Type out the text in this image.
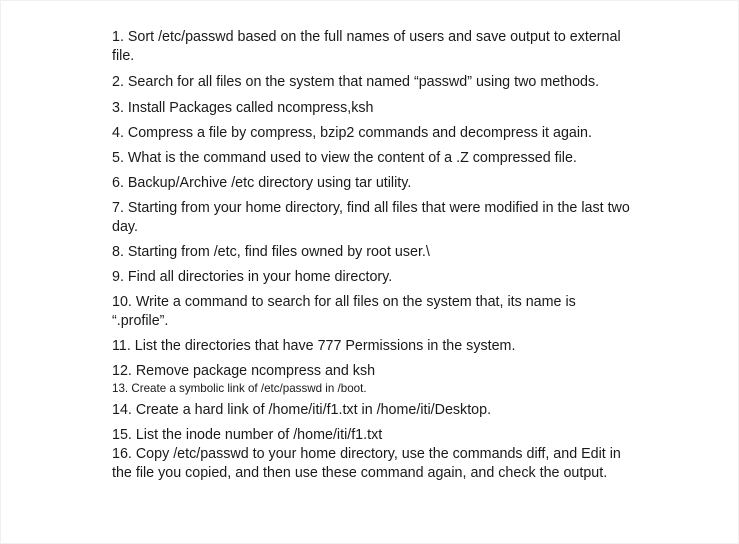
1. Sort /etc/passwd based on the full names of users and save output to external file.

2. Search for all files on the system that named “passwd” using two methods.

3. Install Packages called ncompress,ksh

4. Compress a file by compress, bzip2 commands and decompress it again.

5. What is the command used to view the content of a .Z compressed file.

6. Backup/Archive /etc directory using tar utility.

7. Starting from your home directory, find all files that were modified in the last two day.

8. Starting from /etc, find files owned by root user.\

9. Find all directories in your home directory.

10. Write a command to search for all files on the system that, its name is “.profile”.

11. List the directories that have 777 Permissions in the system.

12. Remove package ncompress and ksh

13. Create a symbolic link of /etc/passwd in /boot.

14. Create a hard link of /home/iti/f1.txt in /home/iti/Desktop.

15. List the inode number of /home/iti/f1.txt

16. Copy /etc/passwd to your home directory, use the commands diff, and Edit in the file you copied, and then use these command again, and check the output.
